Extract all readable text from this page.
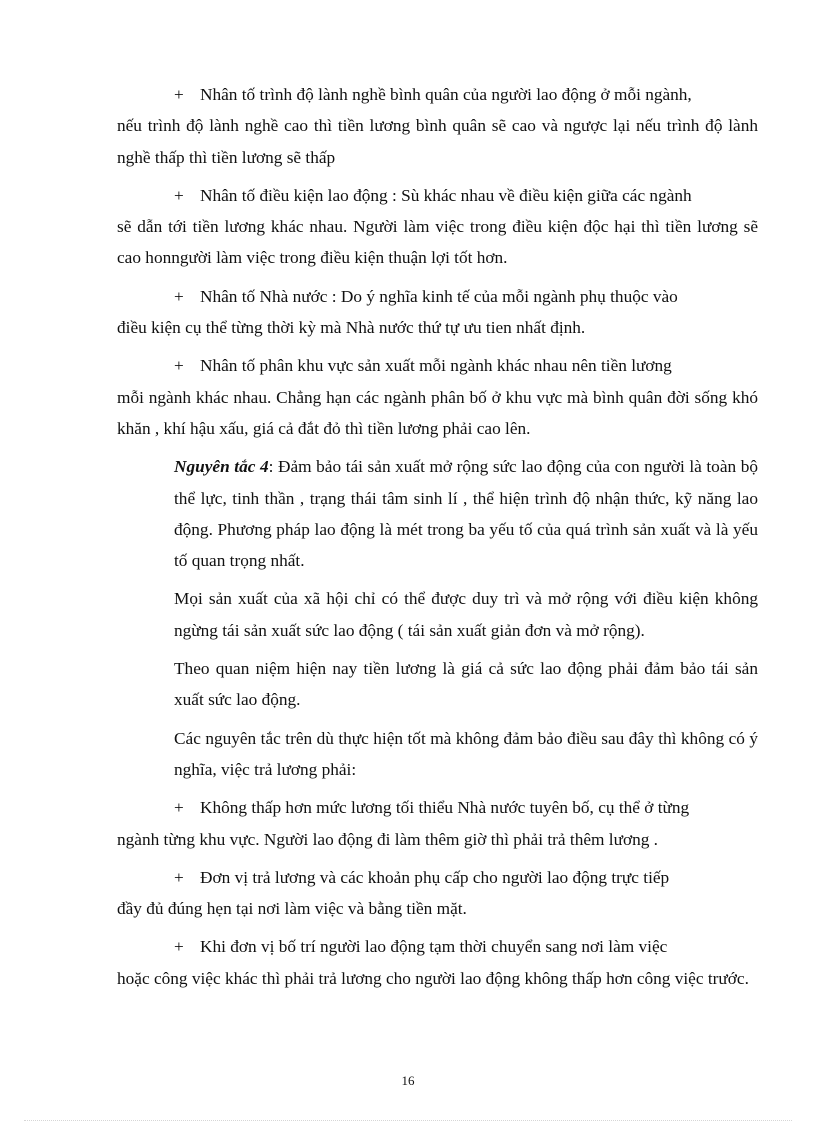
+ Nhân tố trình độ lành nghề bình quân của người lao động ở mỗi ngành,
nếu trình độ lành nghề cao thì tiền lương bình quân sẽ cao và ngược lại nếu trình độ lành nghề thấp thì tiền lương sẽ thấp

+ Nhân tố điều kiện lao động : Sù khác nhau về điều kiện giữa các ngành
sẽ dẫn tới tiền lương khác nhau. Người làm việc trong điều kiện độc hại thì tiền lương sẽ cao honngười làm việc trong điều kiện thuận lợi tốt hơn.

+ Nhân tố Nhà nước : Do ý nghĩa kinh tế của mỗi ngành phụ thuộc vào
điều kiện cụ thể từng thời kỳ mà Nhà nước thứ tự ưu tien nhất định.

+ Nhân tố phân khu vực sản xuất mỗi ngành khác nhau nên tiền lương
mỗi ngành khác nhau. Chẳng hạn các ngành phân bố ở khu vực mà bình quân đời sống khó khăn , khí hậu xấu, giá cả đắt đỏ thì tiền lương phải cao lên.

Nguyên tắc 4: Đảm bảo tái sản xuất mở rộng sức lao động của con người là toàn bộ thể lực, tinh thần , trạng thái tâm sinh lí , thể hiện trình độ nhận thức, kỹ năng lao động. Phương pháp lao động là mét trong ba yếu tố của quá trình sản xuất và là yếu tố quan trọng nhất.

Mọi sản xuất của xã hội chỉ có thể được duy trì và mở rộng với điều kiện không ngừng tái sản xuất sức lao động ( tái sản xuất giản đơn và mở rộng).

Theo quan niệm hiện nay tiền lương là giá cả sức lao động phải đảm bảo tái sản xuất sức lao động.

Các nguyên tắc trên dù thực hiện tốt mà không đảm bảo điều sau đây thì không có ý nghĩa, việc trả lương phải:

+ Không thấp hơn mức lương tối thiểu Nhà nước tuyên bố, cụ thể ở từng
ngành từng khu vực. Người lao động đi làm thêm giờ thì phải trả thêm lương .

+ Đơn vị trả lương và các khoản phụ cấp cho người lao động trực tiếp
đầy đủ đúng hẹn tại nơi làm việc và bằng tiền mặt.

+ Khi đơn vị bố trí người lao động tạm thời chuyển sang nơi làm việc
hoặc công việc khác thì phải trả lương cho người lao động không thấp hơn công việc trước.

16
